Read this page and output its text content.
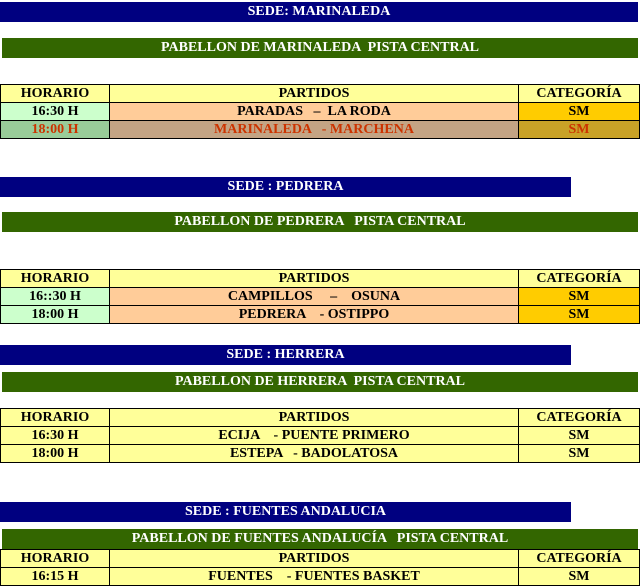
SEDE: MARINALEDA
PABELLON DE MARINALEDA  PISTA CENTRAL
HORARIO	PARTIDOS	CATEGORÍA
16:30 H	PARADAS   –  LA RODA	SM
18:00 H	MARINALEDA   - MARCHENA	SM
SEDE : PEDRERA
PABELLON DE PEDRERA   PISTA CENTRAL
HORARIO	PARTIDOS	CATEGORÍA
16::30 H	CAMPILLOS     –    OSUNA	SM
18:00 H	PEDRERA    - OSTIPPO	SM
SEDE : HERRERA
PABELLON DE HERRERA  PISTA CENTRAL
HORARIO	PARTIDOS	CATEGORÍA
16:30 H	ECIJA    - PUENTE PRIMERO	SM
18:00 H	ESTEPA   - BADOLATOSA	SM
SEDE : FUENTES ANDALUCIA
PABELLON DE FUENTES ANDALUCÍA   PISTA CENTRAL
HORARIO	PARTIDOS	CATEGORÍA
16:15 H	FUENTES    - FUENTES BASKET	SM
